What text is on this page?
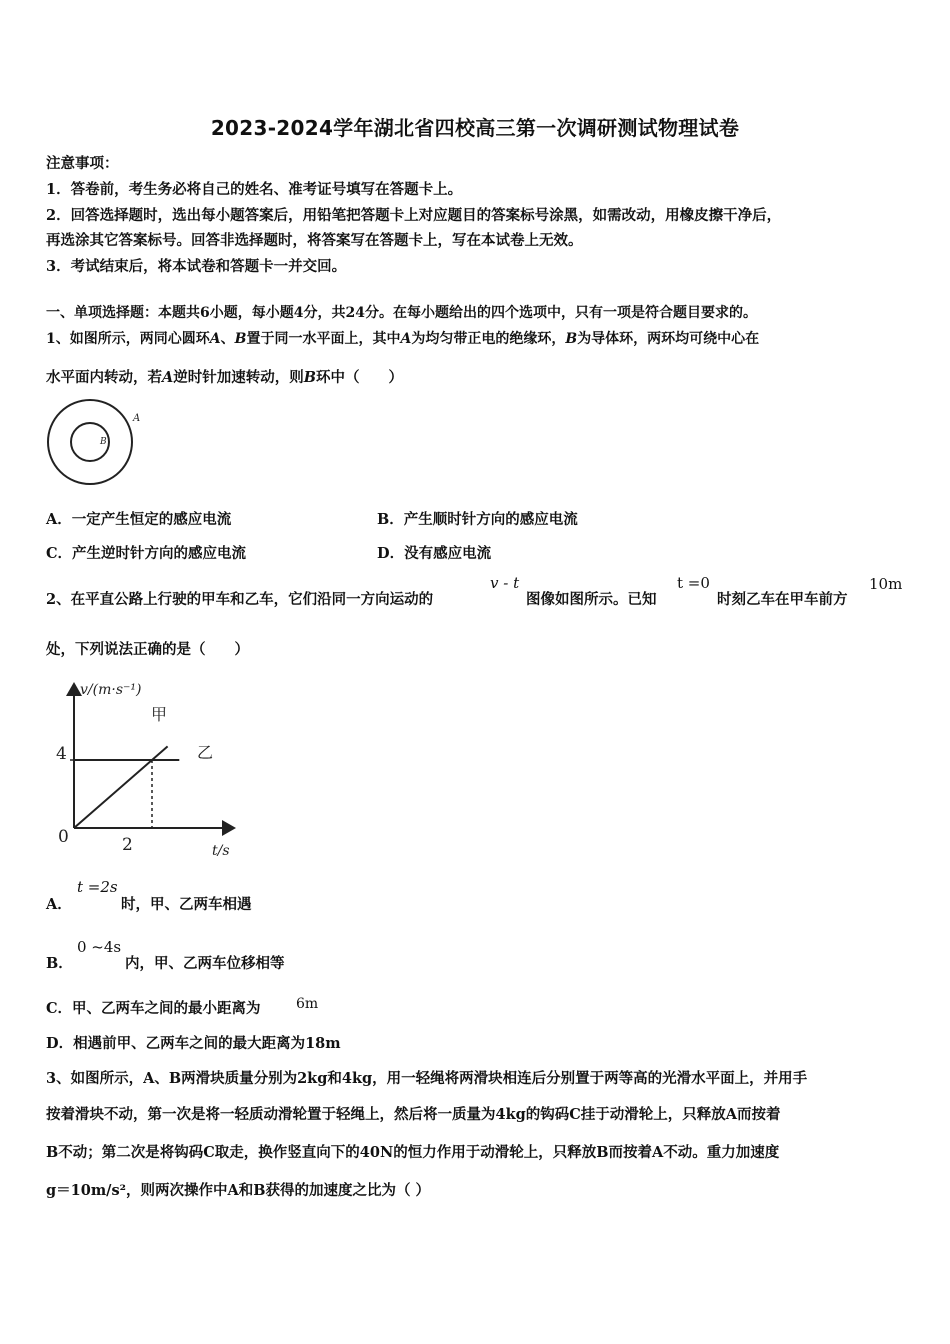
2023-2024学年湖北省四校高三第一次调研测试物理试卷
注意事项：
1．答卷前，考生务必将自己的姓名、准考证号填写在答题卡上。
2．回答选择题时，选出每小题答案后，用铅笔把答题卡上对应题目的答案标号涂黑，如需改动，用橡皮擦干净后，
再选涂其它答案标号。回答非选择题时，将答案写在答题卡上，写在本试卷上无效。
3．考试结束后，将本试卷和答题卡一并交回。
一、单项选择题：本题共6小题，每小题4分，共24分。在每小题给出的四个选项中，只有一项是符合题目要求的。
1、如图所示，两同心圆环A、B置于同一水平面上，其中A为均匀带正电的绝缘环，B为导体环，两环均可绕中心在
水平面内转动，若A逆时针加速转动，则B环中（　　）
A
B
A．一定产生恒定的感应电流	B．产生顺时针方向的感应电流
C．产生逆时针方向的感应电流	D．没有感应电流
2、在平直公路上行驶的甲车和乙车，它们沿同一方向运动的
v - t
图像如图所示。已知
t =0
时刻乙车在甲车前方
10m
处，下列说法正确的是（　　）
v/(m·s⁻¹)
t/s
0
4
2
甲
乙
A．
t =2s
时，甲、乙两车相遇
B．
0 ~4s
内，甲、乙两车位移相等
C．甲、乙两车之间的最小距离为	6m
D．相遇前甲、乙两车之间的最大距离为18m
3、如图所示，A、B两滑块质量分别为2kg和4kg，用一轻绳将两滑块相连后分别置于两等高的光滑水平面上，并用手
按着滑块不动，第一次是将一轻质动滑轮置于轻绳上，然后将一质量为4kg的钩码C挂于动滑轮上，只释放A而按着
B不动；第二次是将钩码C取走，换作竖直向下的40N的恒力作用于动滑轮上，只释放B而按着A不动。重力加速度
g＝10m/s²，则两次操作中A和B获得的加速度之比为（ ）
